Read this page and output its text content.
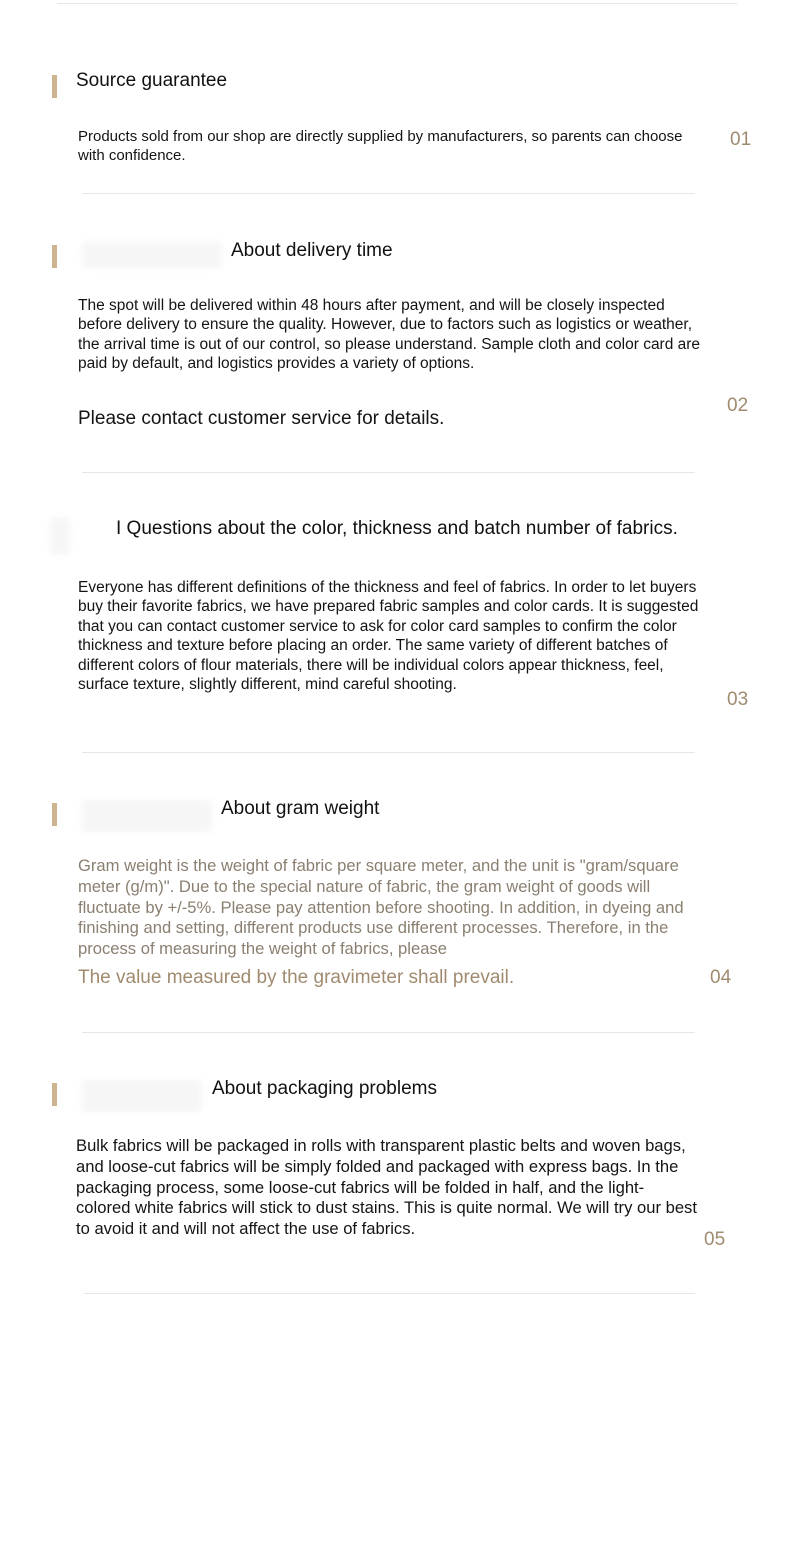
Source guarantee

Products sold from our shop are directly supplied by manufacturers, so parents can choose with confidence.

01
About delivery time

The spot will be delivered within 48 hours after payment, and will be closely inspected before delivery to ensure the quality. However, due to factors such as logistics or weather, the arrival time is out of our control, so please understand. Sample cloth and color card are paid by default, and logistics provides a variety of options.

Please contact customer service for details.

02
I Questions about the color, thickness and batch number of fabrics.

Everyone has different definitions of the thickness and feel of fabrics. In order to let buyers buy their favorite fabrics, we have prepared fabric samples and color cards. It is suggested that you can contact customer service to ask for color card samples to confirm the color thickness and texture before placing an order. The same variety of different batches of different colors of flour materials, there will be individual colors appear thickness, feel, surface texture, slightly different, mind careful shooting.

03
About gram weight

Gram weight is the weight of fabric per square meter, and the unit is "gram/square meter (g/m)". Due to the special nature of fabric, the gram weight of goods will fluctuate by +/-5%. Please pay attention before shooting. In addition, in dyeing and finishing and setting, different products use different processes. Therefore, in the process of measuring the weight of fabrics, please

The value measured by the gravimeter shall prevail.	04
About packaging problems

Bulk fabrics will be packaged in rolls with transparent plastic belts and woven bags, and loose-cut fabrics will be simply folded and packaged with express bags. In the packaging process, some loose-cut fabrics will be folded in half, and the light-colored white fabrics will stick to dust stains. This is quite normal. We will try our best to avoid it and will not affect the use of fabrics.

05
